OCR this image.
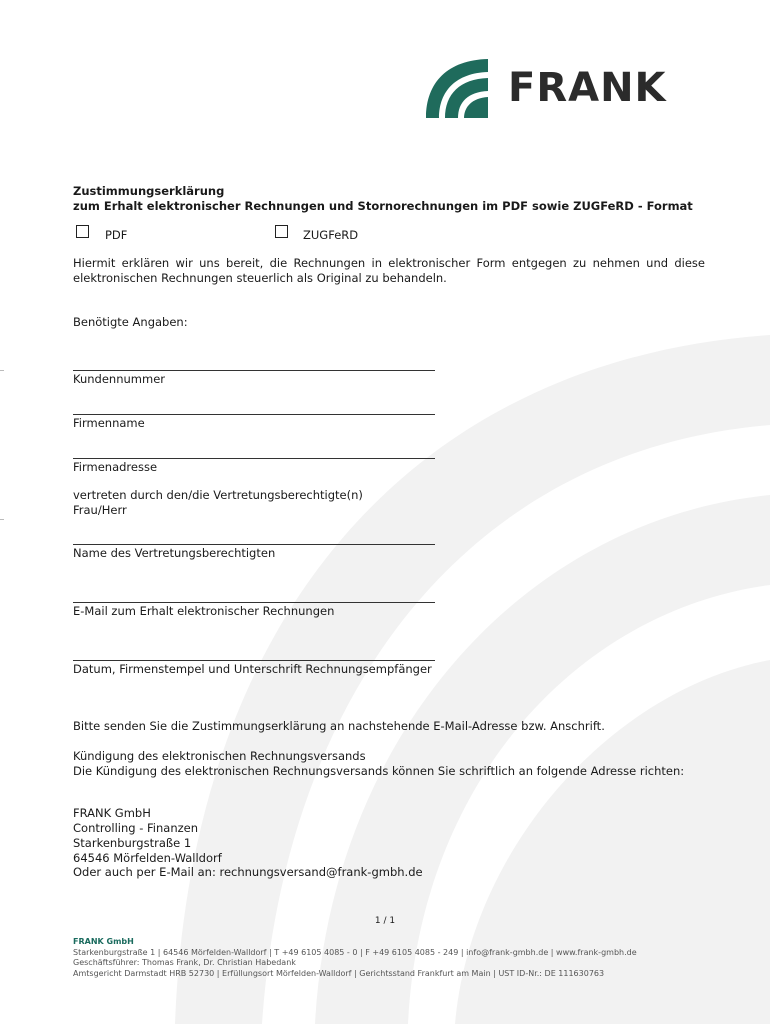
FRANK
Zustimmungserklärung
zum Erhalt elektronischer Rechnungen und Stornorechnungen im PDF sowie ZUGFeRD - Format
PDF	ZUGFeRD
Hiermit erklären wir uns bereit, die Rechnungen in elektronischer Form entgegen zu nehmen und diese elektronischen Rechnungen steuerlich als Original zu behandeln.
Benötigte Angaben:
Kundennummer
Firmenname
Firmenadresse
vertreten durch den/die Vertretungsberechtigte(n)
Frau/Herr
Name des Vertretungsberechtigten
E-Mail zum Erhalt elektronischer Rechnungen
Datum, Firmenstempel und Unterschrift Rechnungsempfänger
Bitte senden Sie die Zustimmungserklärung an nachstehende E-Mail-Adresse bzw. Anschrift.
Kündigung des elektronischen Rechnungsversands
Die Kündigung des elektronischen Rechnungsversands können Sie schriftlich an folgende Adresse richten:
FRANK GmbH
Controlling - Finanzen
Starkenburgstraße 1
64546 Mörfelden-Walldorf
Oder auch per E-Mail an: rechnungsversand@frank-gmbh.de
1 / 1
FRANK GmbH
Starkenburgstraße 1 | 64546 Mörfelden-Walldorf | T +49 6105 4085 - 0 | F +49 6105 4085 - 249 | info@frank-gmbh.de | www.frank-gmbh.de
Geschäftsführer: Thomas Frank, Dr. Christian Habedank
Amtsgericht Darmstadt HRB 52730 | Erfüllungsort Mörfelden-Walldorf | Gerichtsstand Frankfurt am Main | UST ID-Nr.: DE 111630763
